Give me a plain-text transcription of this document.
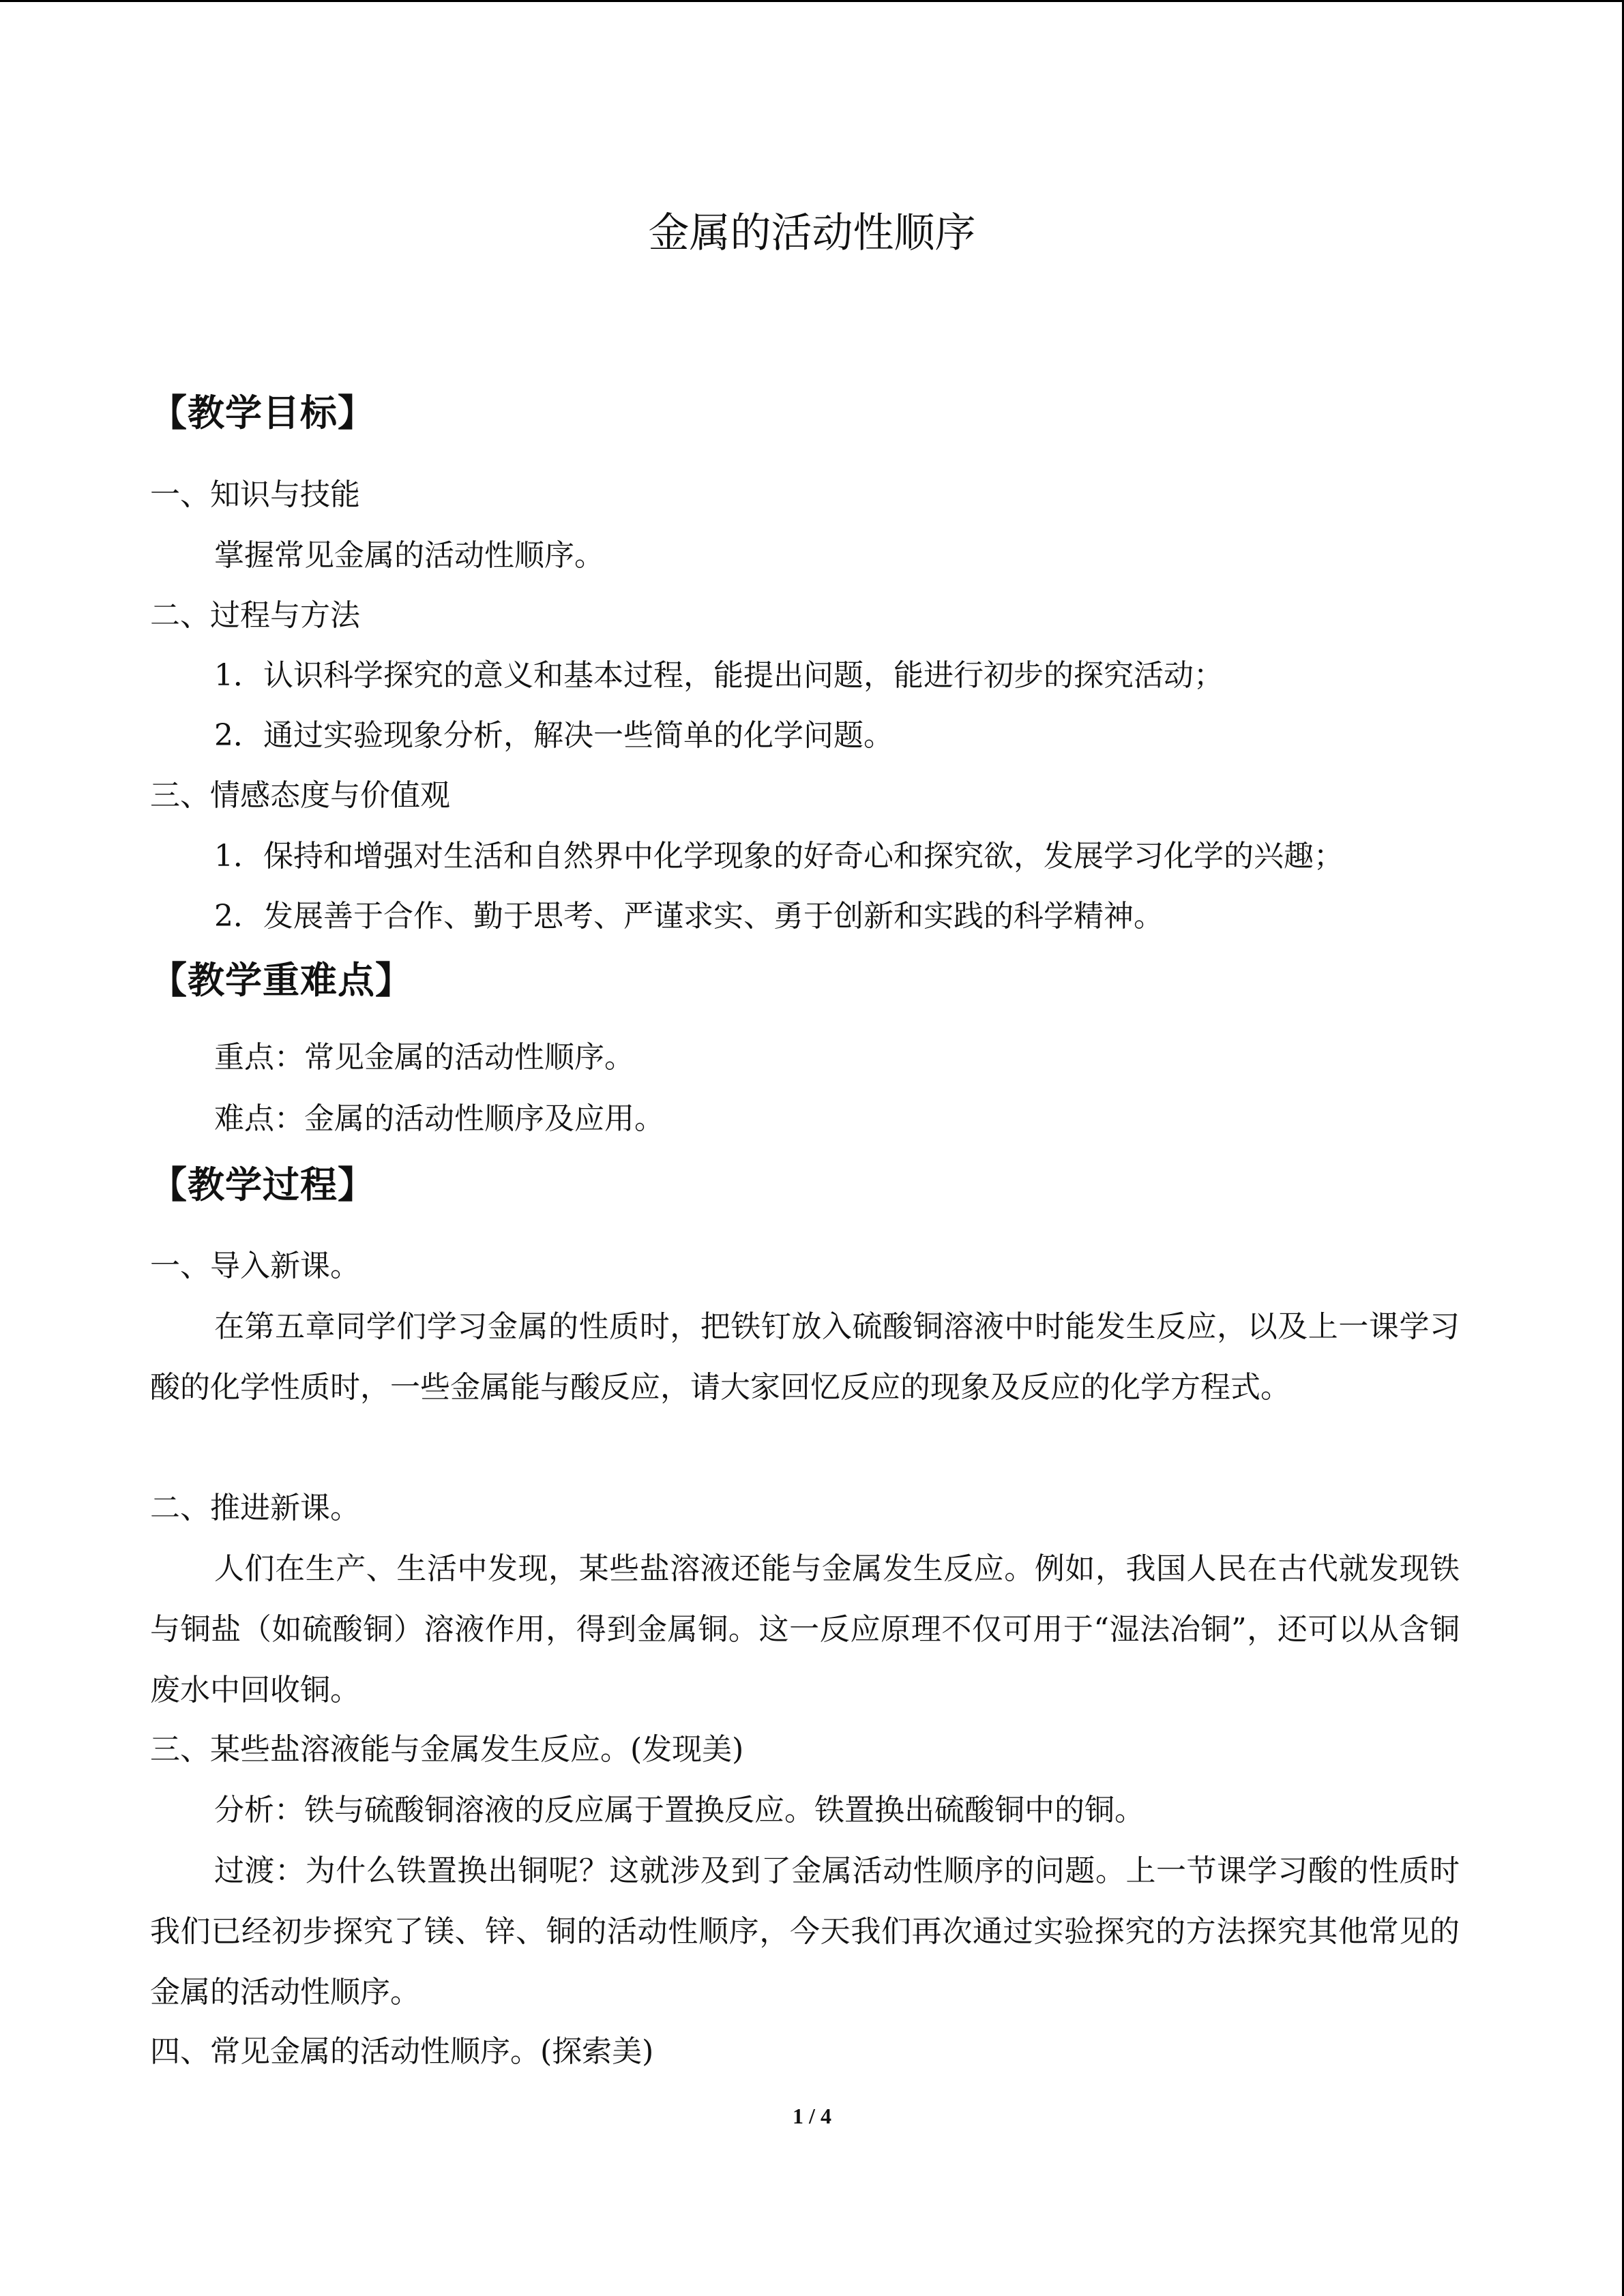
金属的活动性顺序
【教学目标】
一、知识与技能
掌握常见金属的活动性顺序。
二、过程与方法
1．认识科学探究的意义和基本过程，能提出问题，能进行初步的探究活动；
2．通过实验现象分析，解决一些简单的化学问题。
三、情感态度与价值观
1．保持和增强对生活和自然界中化学现象的好奇心和探究欲，发展学习化学的兴趣；
2．发展善于合作、勤于思考、严谨求实、勇于创新和实践的科学精神。
【教学重难点】
重点：常见金属的活动性顺序。
难点：金属的活动性顺序及应用。
【教学过程】
一、导入新课。
在第五章同学们学习金属的性质时，把铁钉放入硫酸铜溶液中时能发生反应，以及上一课学习酸的化学性质时，一些金属能与酸反应，请大家回忆反应的现象及反应的化学方程式。
二、推进新课。
人们在生产、生活中发现，某些盐溶液还能与金属发生反应。例如，我国人民在古代就发现铁与铜盐（如硫酸铜）溶液作用，得到金属铜。这一反应原理不仅可用于“湿法冶铜”，还可以从含铜废水中回收铜。
三、某些盐溶液能与金属发生反应。(发现美)
分析：铁与硫酸铜溶液的反应属于置换反应。铁置换出硫酸铜中的铜。
过渡：为什么铁置换出铜呢？这就涉及到了金属活动性顺序的问题。上一节课学习酸的性质时我们已经初步探究了镁、锌、铜的活动性顺序，今天我们再次通过实验探究的方法探究其他常见的金属的活动性顺序。
四、常见金属的活动性顺序。(探索美)
1 / 4
